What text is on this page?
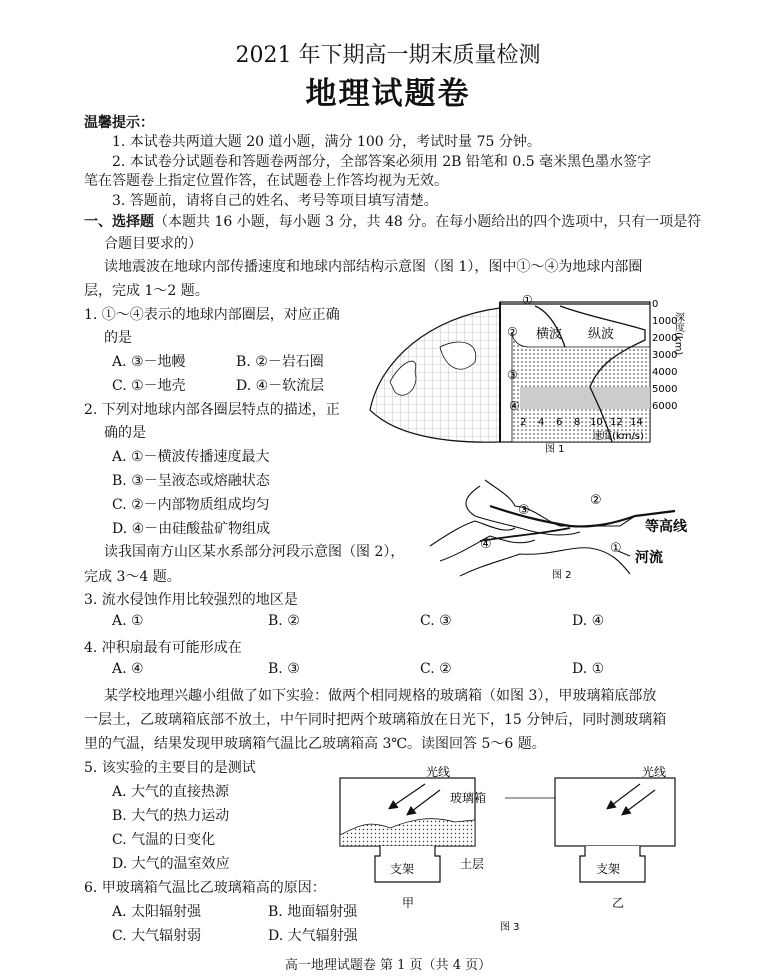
2021 年下期高一期末质量检测
地理试题卷
温馨提示：
1. 本试卷共两道大题 20 道小题，满分 100 分，考试时量 75 分钟。
2. 本试卷分试题卷和答题卷两部分，全部答案必须用 2B 铅笔和 0.5 毫米黑色墨水签字
笔在答题卷上指定位置作答，在试题卷上作答均视为无效。
3. 答题前，请将自己的姓名、考号等项目填写清楚。
一、选择题（本题共 16 小题，每小题 3 分，共 48 分。在每小题给出的四个选项中，只有一项是符
合题目要求的）
读地震波在地球内部传播速度和地球内部结构示意图（图 1），图中①～④为地球内部圈
层，完成 1～2 题。
1. ①～④表示的地球内部圈层，对应正确
的是
A. ③－地幔	B. ②－岩石圈
C. ①－地壳	D. ④－软流层
2. 下列对地球内部各圈层特点的描述，正
确的是
A. ①－横波传播速度最大
B. ③－呈液态或熔融状态
C. ②－内部物质组成均匀
D. ④－由硅酸盐矿物组成
读我国南方山区某水系部分河段示意图（图 2），
完成 3～4 题。
3. 流水侵蚀作用比较强烈的地区是
A. ①	B. ②	C. ③	D. ④
4. 冲积扇最有可能形成在
A. ④	B. ③	C. ②	D. ①
某学校地理兴趣小组做了如下实验：做两个相同规格的玻璃箱（如图 3），甲玻璃箱底部放
一层土，乙玻璃箱底部不放土，中午同时把两个玻璃箱放在日光下，15 分钟后，同时测玻璃箱
里的气温，结果发现甲玻璃箱气温比乙玻璃箱高 3℃。读图回答 5～6 题。
5. 该实验的主要目的是测试
A. 大气的直接热源
B. 大气的热力运动
C. 气温的日变化
D. 大气的温室效应
6. 甲玻璃箱气温比乙玻璃箱高的原因：
A. 太阳辐射强	B. 地面辐射强
C. 大气辐射弱	D. 大气辐射强
高一地理试题卷 第 1 页（共 4 页）
横波 纵波
①
②
③
④
0
1000
2000
3000
4000
5000
6000
深度(km)
2 4 6 8 10 12 14
速度(km/s)
图 1
③
②
④	①
等高线
河流
图 2
光线
玻璃箱
土层
支架
甲
光线
支架
乙
图 3
